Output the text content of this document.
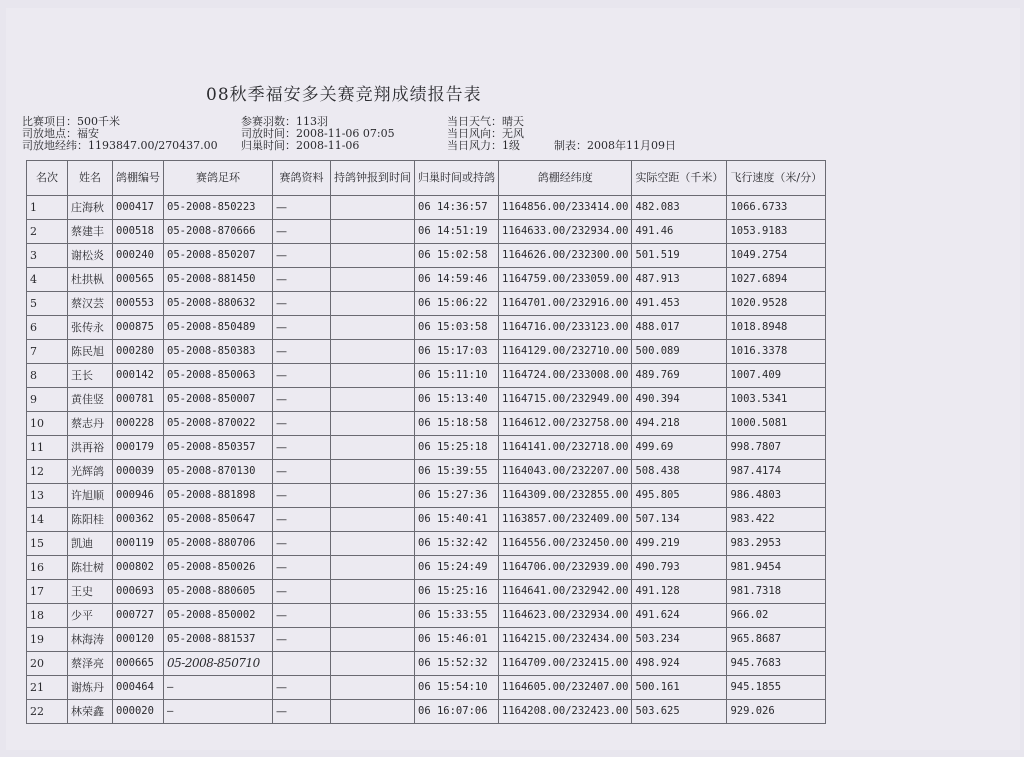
08秋季福安多关赛竞翔成绩报告表
比赛项目：500千米
司放地点：福安
司放地经纬：1193847.00/270437.00
参赛羽数：113羽
司放时间：2008-11-06 07:05
归巢时间：2008-11-06
当日天气：晴天
当日风向：无风
当日风力：1级	制表：2008年11月09日
名次	姓名	鸽棚编号	赛鸽足环	赛鸽资料	持鸽钟报到时间	归巢时间或持鸽	鸽棚经纬度	实际空距（千米）	飞行速度（米/分）
1	庄海秋	000417	05-2008-850223	—		06 14:36:57	1164856.00/233414.00	482.083	1066.6733
2	蔡建丰	000518	05-2008-870666	—		06 14:51:19	1164633.00/232934.00	491.46	1053.9183
3	谢松炎	000240	05-2008-850207	—		06 15:02:58	1164626.00/232300.00	501.519	1049.2754
4	杜拱枞	000565	05-2008-881450	—		06 14:59:46	1164759.00/233059.00	487.913	1027.6894
5	蔡汉芸	000553	05-2008-880632	—		06 15:06:22	1164701.00/232916.00	491.453	1020.9528
6	张传永	000875	05-2008-850489	—		06 15:03:58	1164716.00/233123.00	488.017	1018.8948
7	陈民旭	000280	05-2008-850383	—		06 15:17:03	1164129.00/232710.00	500.089	1016.3378
8	王长	000142	05-2008-850063	—		06 15:11:10	1164724.00/233008.00	489.769	1007.409
9	黄佳竖	000781	05-2008-850007	—		06 15:13:40	1164715.00/232949.00	490.394	1003.5341
10	蔡志丹	000228	05-2008-870022	—		06 15:18:58	1164612.00/232758.00	494.218	1000.5081
11	洪再裕	000179	05-2008-850357	—		06 15:25:18	1164141.00/232718.00	499.69	998.7807
12	光辉鸽	000039	05-2008-870130	—		06 15:39:55	1164043.00/232207.00	508.438	987.4174
13	许旭顺	000946	05-2008-881898	—		06 15:27:36	1164309.00/232855.00	495.805	986.4803
14	陈阳桂	000362	05-2008-850647	—		06 15:40:41	1163857.00/232409.00	507.134	983.422
15	凯迪	000119	05-2008-880706	—		06 15:32:42	1164556.00/232450.00	499.219	983.2953
16	陈壮树	000802	05-2008-850026	—		06 15:24:49	1164706.00/232939.00	490.793	981.9454
17	王史	000693	05-2008-880605	—		06 15:25:16	1164641.00/232942.00	491.128	981.7318
18	少平	000727	05-2008-850002	—		06 15:33:55	1164623.00/232934.00	491.624	966.02
19	林海涛	000120	05-2008-881537	—		06 15:46:01	1164215.00/232434.00	503.234	965.8687
20	蔡泽亮	000665	05-2008-850710			06 15:52:32	1164709.00/232415.00	498.924	945.7683
21	谢炼丹	000464	—	—		06 15:54:10	1164605.00/232407.00	500.161	945.1855
22	林荣鑫	000020	—	—		06 16:07:06	1164208.00/232423.00	503.625	929.026
